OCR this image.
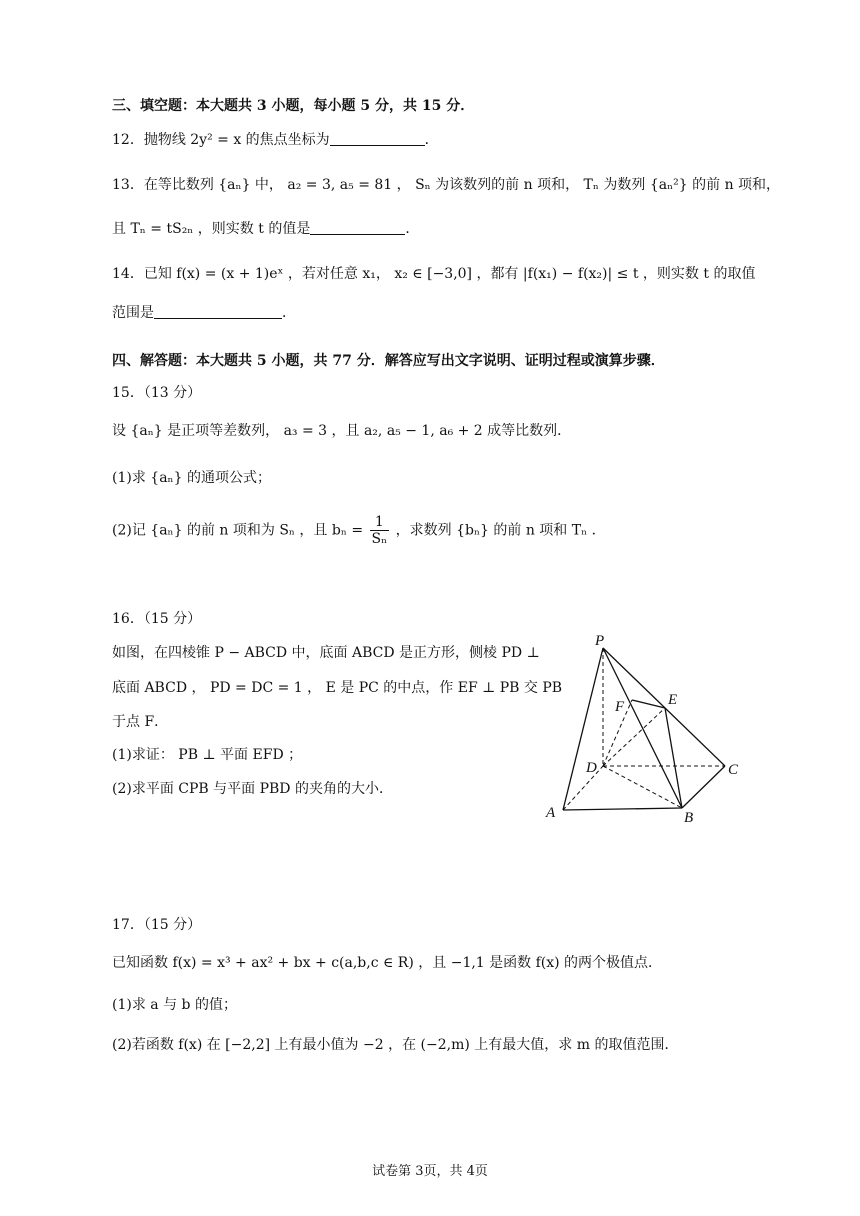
三、填空题：本大题共 3 小题，每小题 5 分，共 15 分．
12．抛物线 2y² = x 的焦点坐标为	．
13．在等比数列 {aₙ} 中， a₂ = 3, a₅ = 81 ， Sₙ 为该数列的前 n 项和， Tₙ 为数列 {aₙ²} 的前 n 项和，
且 Tₙ = tS₂ₙ ，则实数 t 的值是	．
14．已知 f(x) = (x + 1)eˣ ，若对任意 x₁， x₂ ∈ [−3,0] ，都有 |f(x₁) − f(x₂)| ≤ t ，则实数 t 的取值
范围是	．
四、解答题：本大题共 5 小题，共 77 分．解答应写出文字说明、证明过程或演算步骤．
15．（13 分）
设 {aₙ} 是正项等差数列， a₃ = 3 ，且 a₂, a₅ − 1, a₆ + 2 成等比数列．
(1)求 {aₙ} 的通项公式；
(2)记 {aₙ} 的前 n 项和为 Sₙ ，且 $b_n = \frac{1}{\text{Sₙ}}$ ，求数列 {bₙ} 的前 n 项和 Tₙ ．
16．（15 分）
如图，在四棱锥 P − ABCD 中，底面 ABCD 是正方形，侧棱 PD ⊥
底面 ABCD ， PD = DC = 1 ， E 是 PC 的中点，作 EF ⊥ PB 交 PB
于点 F．
(1)求证： PB ⊥ 平面 EFD ；
(2)求平面 CPB 与平面 PBD 的夹角的大小．
P
E
F
D	C
A	B
17．（15 分）
已知函数 f(x) = x³ + ax² + bx + c(a,b,c ∈ R) ，且 −1,1 是函数 f(x) 的两个极值点．
(1)求 a 与 b 的值；
(2)若函数 f(x) 在 [−2,2] 上有最小值为 −2 ，在 (−2,m) 上有最大值，求 m 的取值范围．
试卷第 3页，共 4页
